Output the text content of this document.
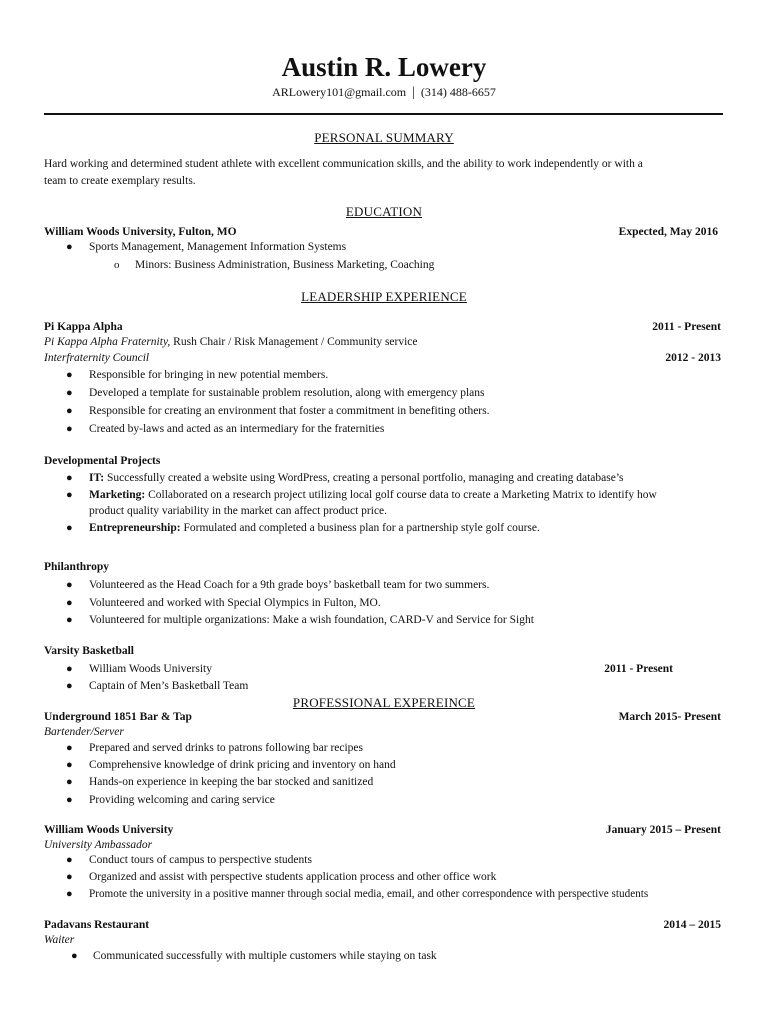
Austin R. Lowery
ARLowery101@gmail.com | (314) 488-6657
PERSONAL SUMMARY
Hard working and determined student athlete with excellent communication skills, and the ability to work independently or with a
team to create exemplary results.
EDUCATION
William Woods University, Fulton, MO	Expected, May 2016
● Sports Management, Management Information Systems
o Minors: Business Administration, Business Marketing, Coaching
LEADERSHIP EXPERIENCE
Pi Kappa Alpha	2011 - Present
Pi Kappa Alpha Fraternity, Rush Chair / Risk Management / Community service
Interfraternity Council	2012 - 2013
● Responsible for bringing in new potential members.
● Developed a template for sustainable problem resolution, along with emergency plans
● Responsible for creating an environment that foster a commitment in benefiting others.
● Created by-laws and acted as an intermediary for the fraternities
Developmental Projects
● IT: Successfully created a website using WordPress, creating a personal portfolio, managing and creating database’s
● Marketing: Collaborated on a research project utilizing local golf course data to create a Marketing Matrix to identify how
product quality variability in the market can affect product price.
● Entrepreneurship: Formulated and completed a business plan for a partnership style golf course.
Philanthropy
● Volunteered as the Head Coach for a 9th grade boys’ basketball team for two summers.
● Volunteered and worked with Special Olympics in Fulton, MO.
● Volunteered for multiple organizations: Make a wish foundation, CARD-V and Service for Sight
Varsity Basketball
● William Woods University	2011 - Present
● Captain of Men’s Basketball Team
PROFESSIONAL EXPEREINCE
Underground 1851 Bar & Tap	March 2015- Present
Bartender/Server
● Prepared and served drinks to patrons following bar recipes
● Comprehensive knowledge of drink pricing and inventory on hand
● Hands-on experience in keeping the bar stocked and sanitized
● Providing welcoming and caring service
William Woods University	January 2015 – Present
University Ambassador
● Conduct tours of campus to perspective students
● Organized and assist with perspective students application process and other office work
● Promote the university in a positive manner through social media, email, and other correspondence with perspective students
Padavans Restaurant	2014 – 2015
Waiter
● Communicated successfully with multiple customers while staying on task
